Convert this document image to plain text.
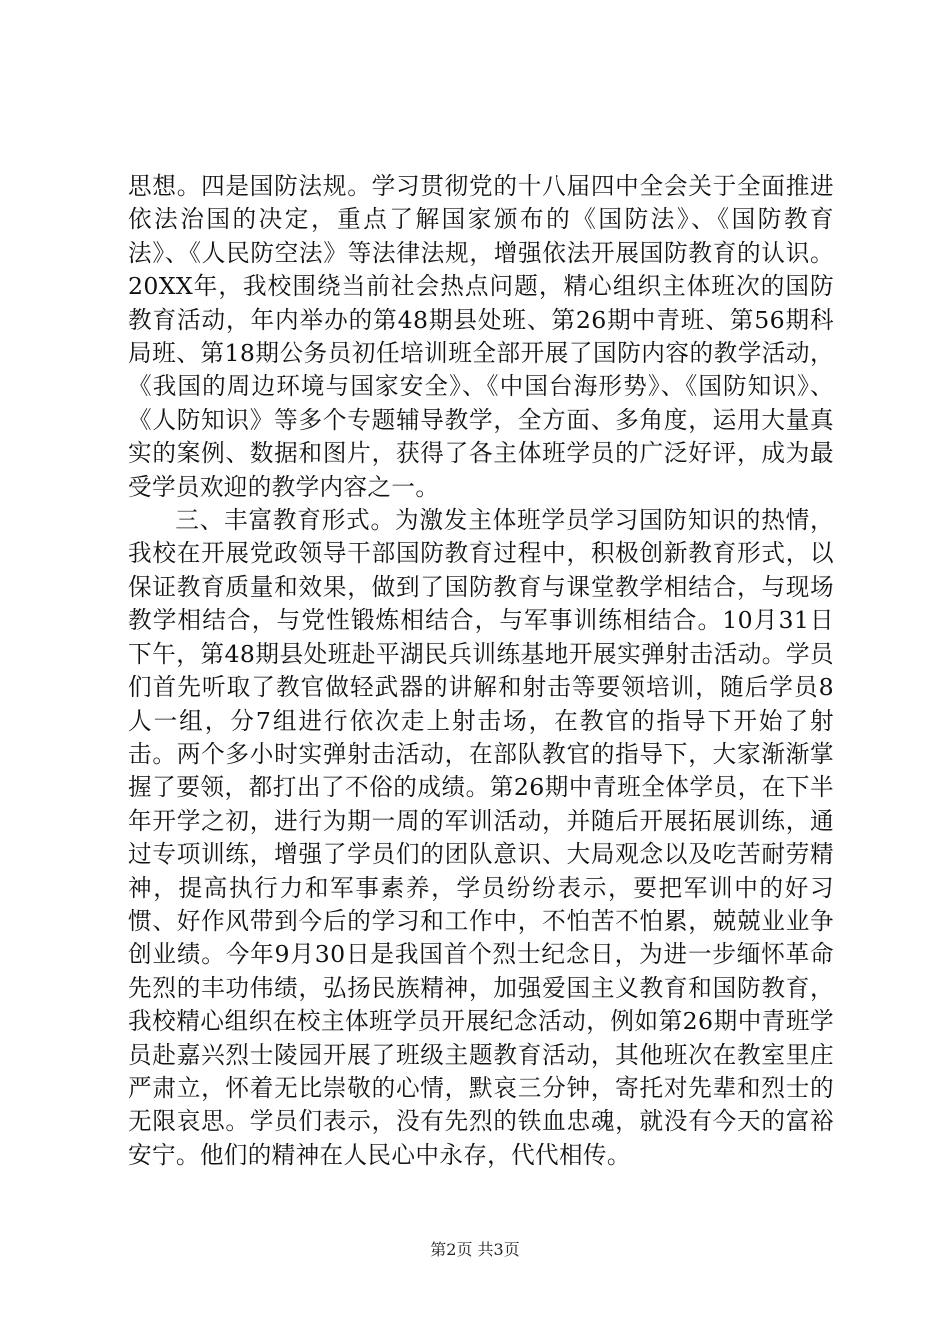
思想。四是国防法规。学习贯彻党的十八届四中全会关于全面推进依法治国的决定，重点了解国家颁布的《国防法》、《国防教育法》、《人民防空法》等法律法规，增强依法开展国防教育的认识。20XX年，我校围绕当前社会热点问题，精心组织主体班次的国防教育活动，年内举办的第48期县处班、第26期中青班、第56期科局班、第18期公务员初任培训班全部开展了国防内容的教学活动，《我国的周边环境与国家安全》、《中国台海形势》、《国防知识》、《人防知识》等多个专题辅导教学，全方面、多角度，运用大量真实的案例、数据和图片，获得了各主体班学员的广泛好评，成为最受学员欢迎的教学内容之一。

三、丰富教育形式。为激发主体班学员学习国防知识的热情，我校在开展党政领导干部国防教育过程中，积极创新教育形式，以保证教育质量和效果，做到了国防教育与课堂教学相结合，与现场教学相结合，与党性锻炼相结合，与军事训练相结合。10月31日下午，第48期县处班赴平湖民兵训练基地开展实弹射击活动。学员们首先听取了教官做轻武器的讲解和射击等要领培训，随后学员8人一组，分7组进行依次走上射击场，在教官的指导下开始了射击。两个多小时实弹射击活动，在部队教官的指导下，大家渐渐掌握了要领，都打出了不俗的成绩。第26期中青班全体学员，在下半年开学之初，进行为期一周的军训活动，并随后开展拓展训练，通过专项训练，增强了学员们的团队意识、大局观念以及吃苦耐劳精神，提高执行力和军事素养，学员纷纷表示，要把军训中的好习惯、好作风带到今后的学习和工作中，不怕苦不怕累，兢兢业业争创业绩。今年9月30日是我国首个烈士纪念日，为进一步缅怀革命先烈的丰功伟绩，弘扬民族精神，加强爱国主义教育和国防教育，我校精心组织在校主体班学员开展纪念活动，例如第26期中青班学员赴嘉兴烈士陵园开展了班级主题教育活动，其他班次在教室里庄严肃立，怀着无比崇敬的心情，默哀三分钟，寄托对先辈和烈士的无限哀思。学员们表示，没有先烈的铁血忠魂，就没有今天的富裕安宁。他们的精神在人民心中永存，代代相传。

第2页 共3页
